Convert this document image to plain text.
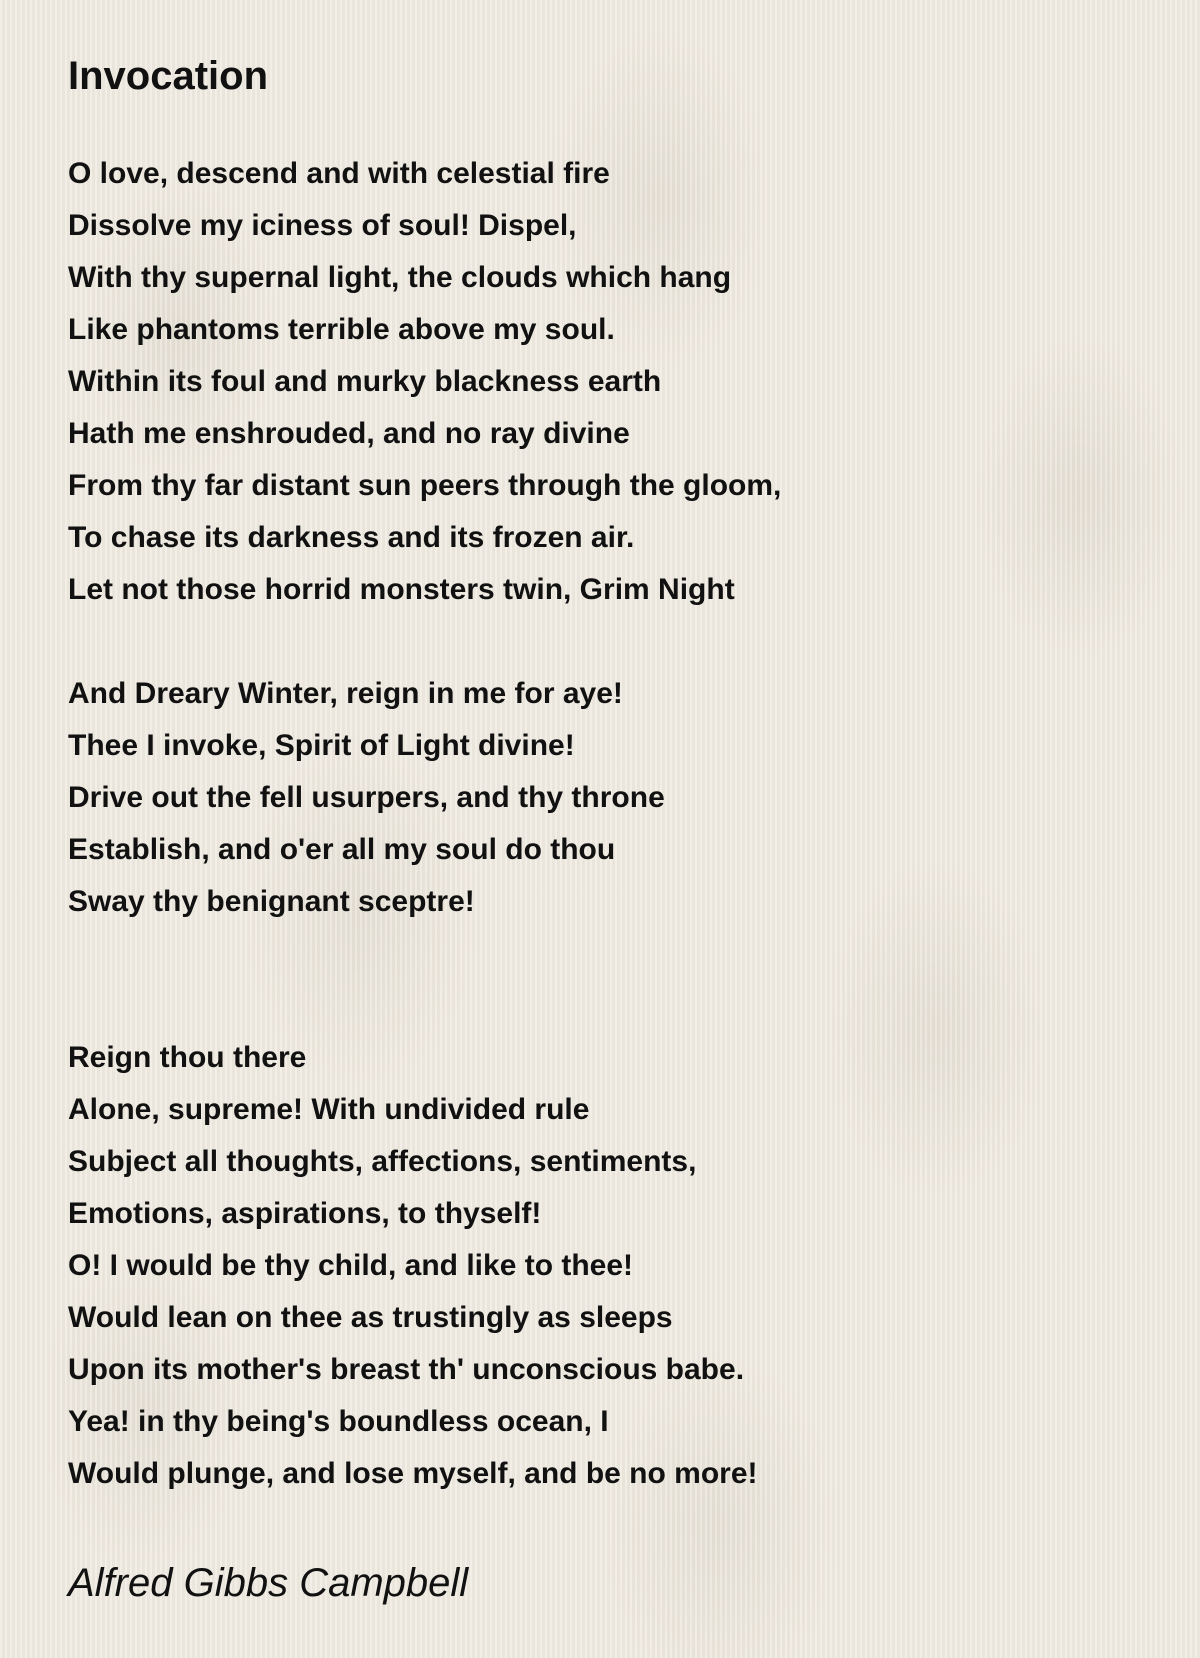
Invocation
O love, descend and with celestial fire
Dissolve my iciness of soul! Dispel,
With thy supernal light, the clouds which hang
Like phantoms terrible above my soul.
Within its foul and murky blackness earth
Hath me enshrouded, and no ray divine
From thy far distant sun peers through the gloom,
To chase its darkness and its frozen air.
Let not those horrid monsters twin, Grim Night
And Dreary Winter, reign in me for aye!
Thee I invoke, Spirit of Light divine!
Drive out the fell usurpers, and thy throne
Establish, and o'er all my soul do thou
Sway thy benignant sceptre!
Reign thou there
Alone, supreme! With undivided rule
Subject all thoughts, affections, sentiments,
Emotions, aspirations, to thyself!
O! I would be thy child, and like to thee!
Would lean on thee as trustingly as sleeps
Upon its mother's breast th' unconscious babe.
Yea! in thy being's boundless ocean, I
Would plunge, and lose myself, and be no more!

Alfred Gibbs Campbell
